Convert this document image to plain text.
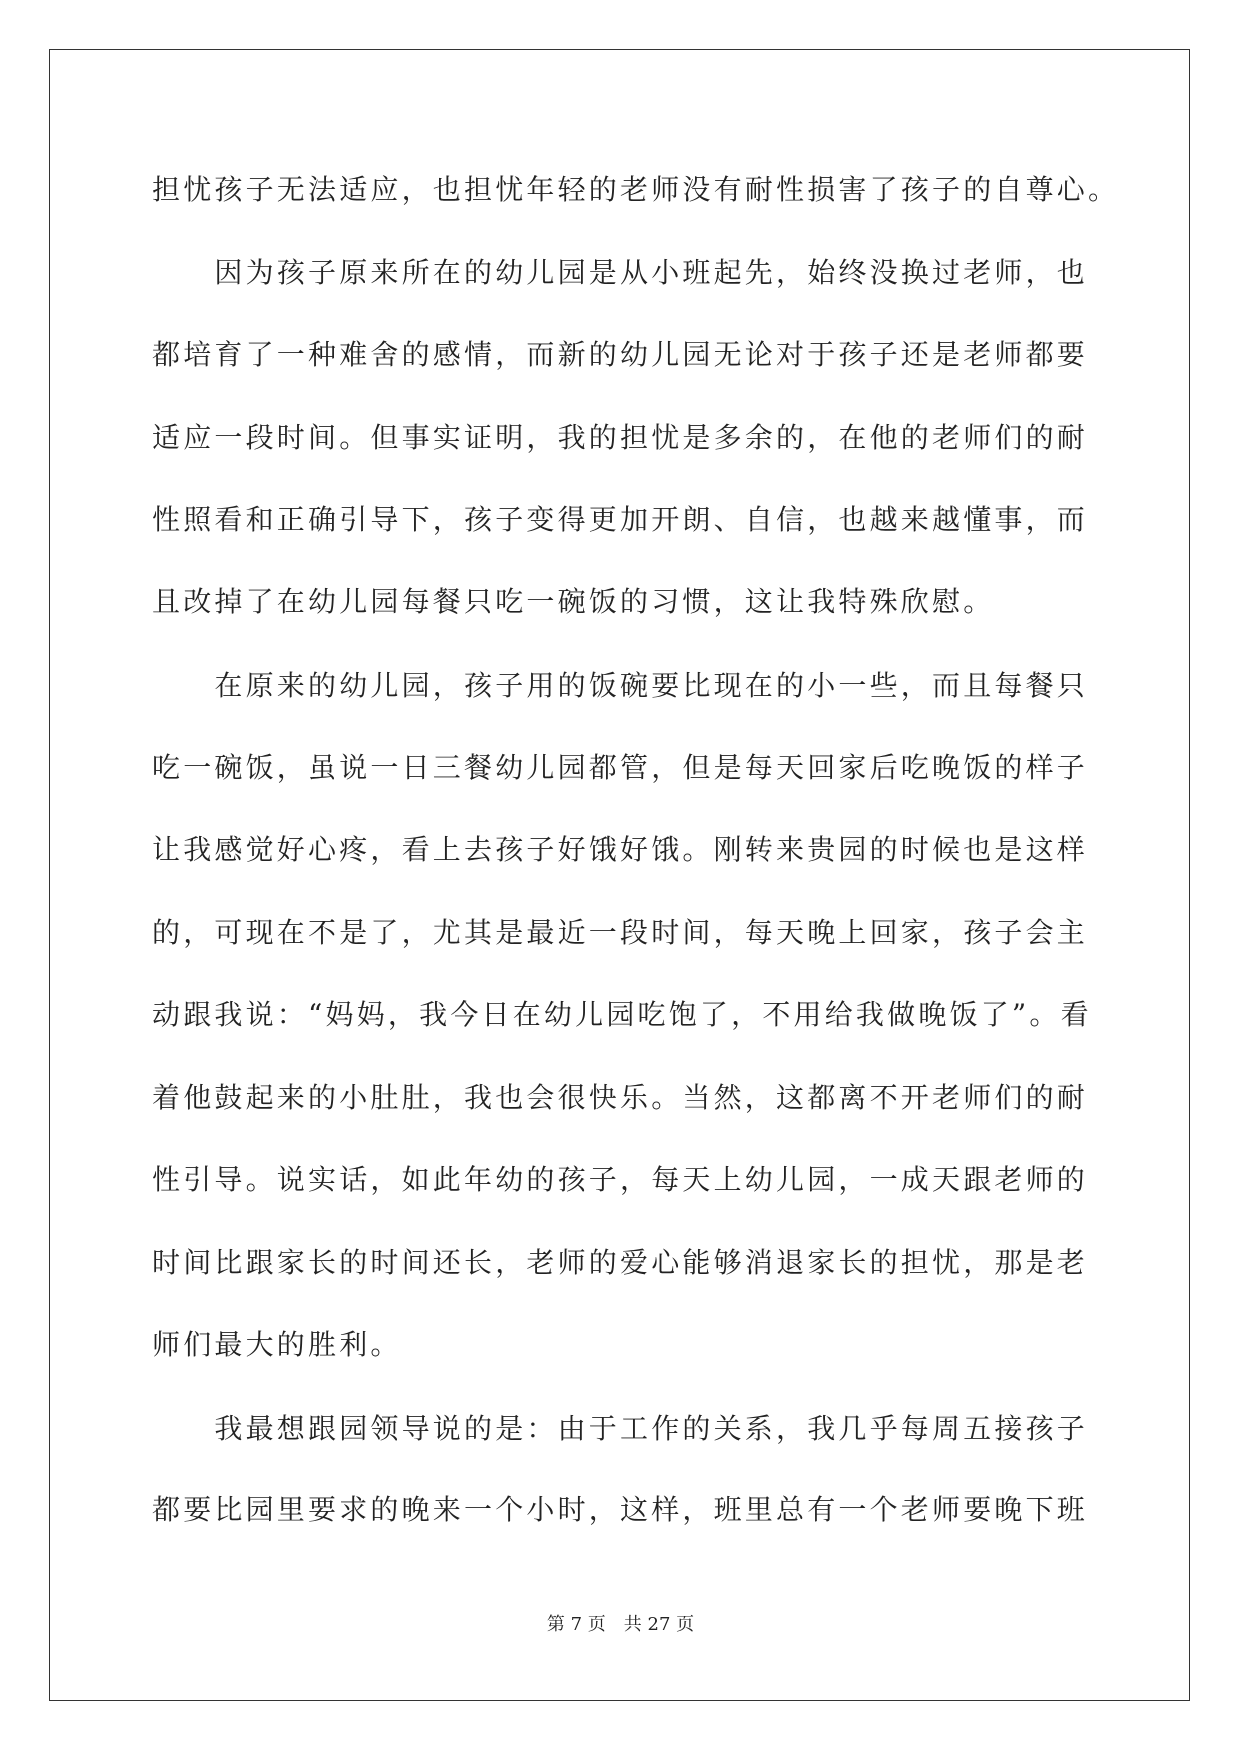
担忧孩子无法适应，也担忧年轻的老师没有耐性损害了孩子的自尊心。
　　因为孩子原来所在的幼儿园是从小班起先，始终没换过老师，也
都培育了一种难舍的感情，而新的幼儿园无论对于孩子还是老师都要
适应一段时间。但事实证明，我的担忧是多余的，在他的老师们的耐
性照看和正确引导下，孩子变得更加开朗、自信，也越来越懂事，而
且改掉了在幼儿园每餐只吃一碗饭的习惯，这让我特殊欣慰。
　　在原来的幼儿园，孩子用的饭碗要比现在的小一些，而且每餐只
吃一碗饭，虽说一日三餐幼儿园都管，但是每天回家后吃晚饭的样子
让我感觉好心疼，看上去孩子好饿好饿。刚转来贵园的时候也是这样
的，可现在不是了，尤其是最近一段时间，每天晚上回家，孩子会主
动跟我说：“妈妈，我今日在幼儿园吃饱了，不用给我做晚饭了”。看
着他鼓起来的小肚肚，我也会很快乐。当然，这都离不开老师们的耐
性引导。说实话，如此年幼的孩子，每天上幼儿园，一成天跟老师的
时间比跟家长的时间还长，老师的爱心能够消退家长的担忧，那是老
师们最大的胜利。
　　我最想跟园领导说的是：由于工作的关系，我几乎每周五接孩子
都要比园里要求的晚来一个小时，这样，班里总有一个老师要晚下班
第 7 页 共 27 页
